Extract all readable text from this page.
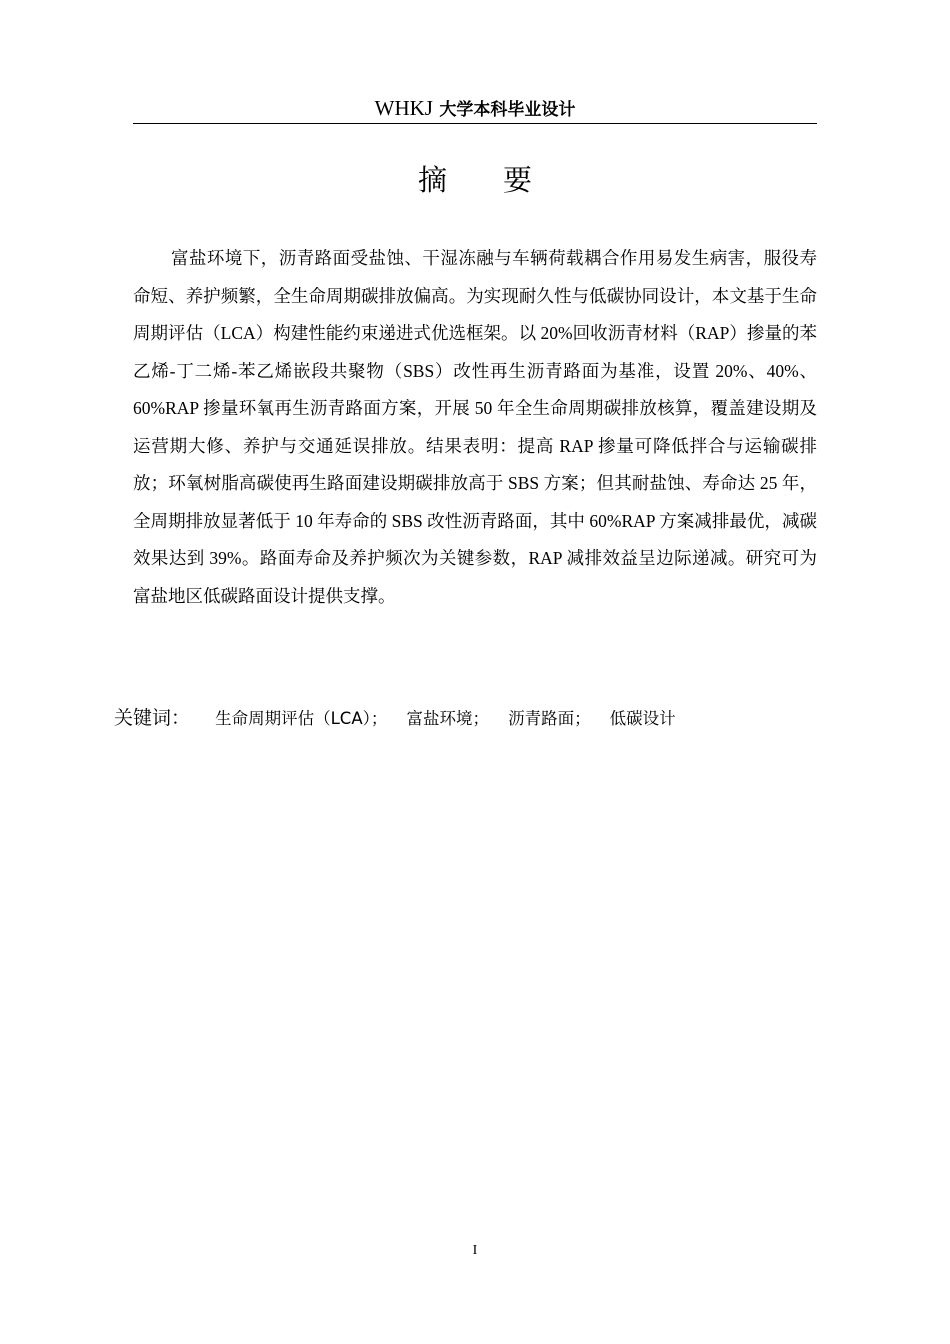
WHKJ 大学本科毕业设计
摘要

富盐环境下，沥青路面受盐蚀、干湿冻融与车辆荷载耦合作用易发生病害，服役寿命短、养护频繁，全生命周期碳排放偏高。为实现耐久性与低碳协同设计，本文基于生命周期评估（LCA）构建性能约束递进式优选框架。以 20%回收沥青材料（RAP）掺量的苯乙烯-丁二烯-苯乙烯嵌段共聚物（SBS）改性再生沥青路面为基准，设置 20%、40%、60%RAP 掺量环氧再生沥青路面方案，开展 50 年全生命周期碳排放核算，覆盖建设期及运营期大修、养护与交通延误排放。结果表明：提高 RAP 掺量可降低拌合与运输碳排放；环氧树脂高碳使再生路面建设期碳排放高于 SBS 方案；但其耐盐蚀、寿命达 25 年，全周期排放显著低于 10 年寿命的 SBS 改性沥青路面，其中 60%RAP 方案减排最优，减碳效果达到 39%。路面寿命及养护频次为关键参数，RAP 减排效益呈边际递减。研究可为富盐地区低碳路面设计提供支撑。

关键词： 生命周期评估（LCA）； 富盐环境； 沥青路面； 低碳设计
I
